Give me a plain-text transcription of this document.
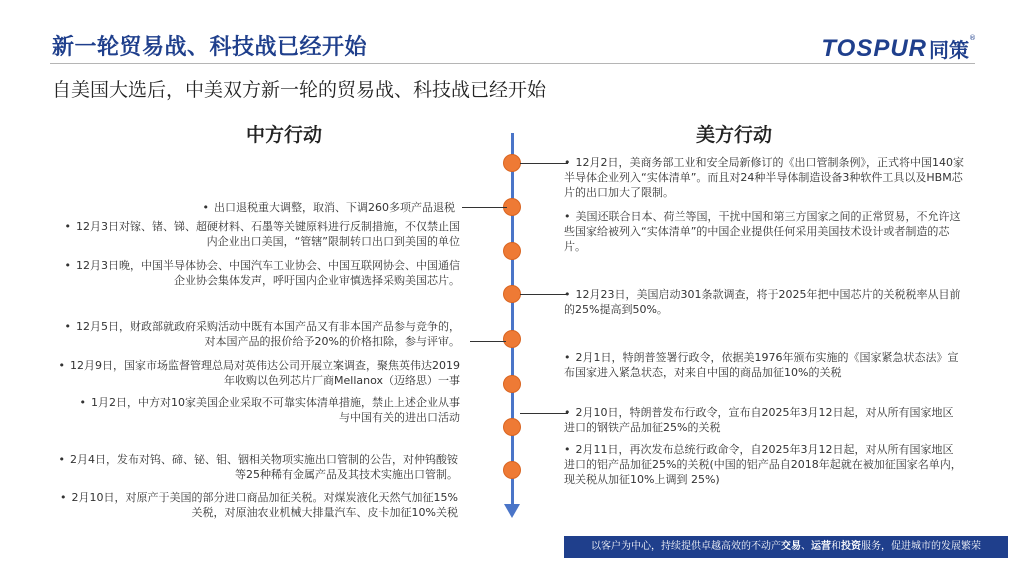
新一轮贸易战、科技战已经开始	TOSPUR 同策 ®
自美国大选后，中美双方新一轮的贸易战、科技战已经开始
中方行动	美方行动
• 出口退税重大调整，取消、下调260多项产品退税
• 12月3日对镓、锗、锑、超硬材料、石墨等关键原料进行反制措施，不仅禁止国内企业出口美国，“管辖”限制转口出口到美国的单位
• 12月3日晚，中国半导体协会、中国汽车工业协会、中国互联网协会、中国通信企业协会集体发声，呼吁国内企业审慎选择采购美国芯片。
• 12月5日，财政部就政府采购活动中既有本国产品又有非本国产品参与竞争的，对本国产品的报价给予20%的价格扣除，参与评审。
• 12月9日，国家市场监督管理总局对英伟达公司开展立案调查，聚焦英伟达2019年收购以色列芯片厂商Mellanox（迈络思）一事
• 1月2日，中方对10家美国企业采取不可靠实体清单措施，禁止上述企业从事与中国有关的进出口活动
• 2月4日，发布对钨、碲、铋、钼、铟相关物项实施出口管制的公告，对仲钨酸铵等25种稀有金属产品及其技术实施出口管制。
• 2月10日，对原产于美国的部分进口商品加征关税。对煤炭液化天然气加征15%关税，对原油农业机械大排量汽车、皮卡加征10%关税
• 12月2日，美商务部工业和安全局新修订的《出口管制条例》，正式将中国140家半导体企业列入“实体清单”。而且对24种半导体制造设备3种软件工具以及HBM芯片的出口加大了限制。
• 美国还联合日本、荷兰等国，干扰中国和第三方国家之间的正常贸易，不允许这些国家给被列入“实体清单”的中国企业提供任何采用美国技术设计或者制造的芯片。
• 12月23日，美国启动301条款调查，将于2025年把中国芯片的关税税率从目前的25%提高到50%。
• 2月1日，特朗普签署行政令，依据美1976年颁布实施的《国家紧急状态法》宣布国家进入紧急状态，对来自中国的商品加征10%的关税
• 2月10日，特朗普发布行政令，宣布自2025年3月12日起，对从所有国家地区进口的钢铁产品加征25%的关税
• 2月11日，再次发布总统行政命令，自2025年3月12日起，对从所有国家地区进口的铝产品加征25%的关税(中国的铝产品自2018年起就在被加征国家名单内，现关税从加征10%上调到 25%)
以客户为中心，持续提供卓越高效的不动产交易、运营和投资服务，促进城市的发展繁荣
